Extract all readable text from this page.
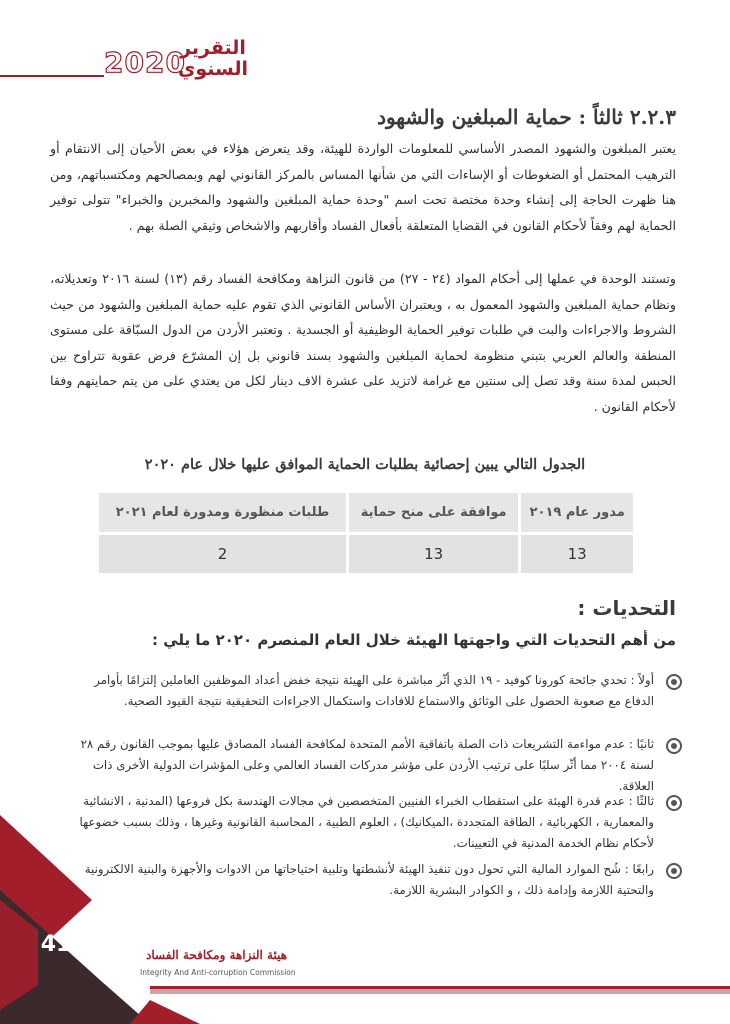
2020
التقرير
السنوي
٢.٢.٣ ثالثاً : حماية المبلغين والشهود
يعتبر المبلغون والشهود المصدر الأساسي للمعلومات الواردة للهيئة، وقد يتعرض هؤلاء في بعض الأحيان إلى الانتقام أو الترهيب المحتمل أو الضغوطات أو الإساءات التي من شأنها المساس بالمركز القانوني لهم وبمصالحهم ومكتسباتهم، ومن هنا ظهرت الحاجة إلى إنشاء وحدة مختصة تحت اسم "وحدة حماية المبلغين والشهود والمخبرين والخبراء" تتولى توفير الحماية لهم وفقاً لأحكام القانون في القضايا المتعلقة بأفعال الفساد وأقاربهم والاشخاص وثيقي الصلة بهم .
وتستند الوحدة في عملها إلى أحكام المواد (٢٤ - ٢٧) من قانون النزاهة ومكافحة الفساد رقم (١٣) لسنة ٢٠١٦ وتعديلاته، ونظام حماية المبلغين والشهود المعمول به ، ويعتبران الأساس القانوني الذي تقوم عليه حماية المبلغين والشهود من حيث الشروط والاجراءات والبت في طلبات توفير الحماية الوظيفية أو الجسدية . وتعتبر الأردن من الدول السبّاقة على مستوى المنطقة والعالم العربي بتبني منظومة لحماية المبلغين والشهود بسند قانوني بل إن المشرّع فرض عقوبة تتراوح بين الحبس لمدة سنة وقد تصل إلى سنتين مع غرامة لاتزيد على عشرة الاف دينار لكل من يعتدي على من يتم حمايتهم وفقا لأحكام القانون .
الجدول التالي يبين إحصائية بطلبات الحماية الموافق عليها خلال عام ٢٠٢٠
مدور عام ٢٠١٩	موافقة على منح حماية	طلبات منظورة ومدورة لعام ٢٠٢١
13	13	2
التحديات :
من أهم التحديات التي واجهتها الهيئة خلال العام المنصرم ٢٠٢٠ ما يلي :
أولاً : تحدي جائحة كورونا كوفيد - ١٩ الذي أثّر مباشرة على الهيئة نتيجة خفض أعداد الموظفين العاملين إلتزامًا بأوامر الدفاع مع صعوبة الحصول على الوثائق والاستماع للافادات واستكمال الاجراءات التحقيقية نتيجة القيود الصحية.
ثانيًا : عدم مواءمة التشريعات ذات الصلة باتفاقية الأمم المتحدة لمكافحة الفساد المصادق عليها بموجب القانون رقم ٢٨ لسنة ٢٠٠٤ مما أثّر سلبًا على ترتيب الأردن على مؤشر مدركات الفساد العالمي وعلى المؤشرات الدولية الأخرى ذات العلاقة.
ثالثًا : عدم قدرة الهيئة على استقطاب الخبراء الفنيين المتخصصين في مجالات الهندسة بكل فروعها (المدنية ، الانشائية والمعمارية ، الكهربائية ، الطاقة المتجددة ،الميكانيك) ، العلوم الطبية ، المحاسبة القانونية وغيرها ، وذلك بسبب خضوعها لأحكام نظام الخدمة المدنية في التعيينات.
رابعًا : شُح الموارد المالية التي تحول دون تنفيذ الهيئة لأنشطتها وتلبية احتياجاتها من الادوات والأجهزة والبنية الالكترونية والتحتية اللازمة وإدامة ذلك ، و الكوادر البشرية اللازمة.
41	هيئة النزاهة ومكافحة الفساد
Integrity And Anti-corruption Commission
